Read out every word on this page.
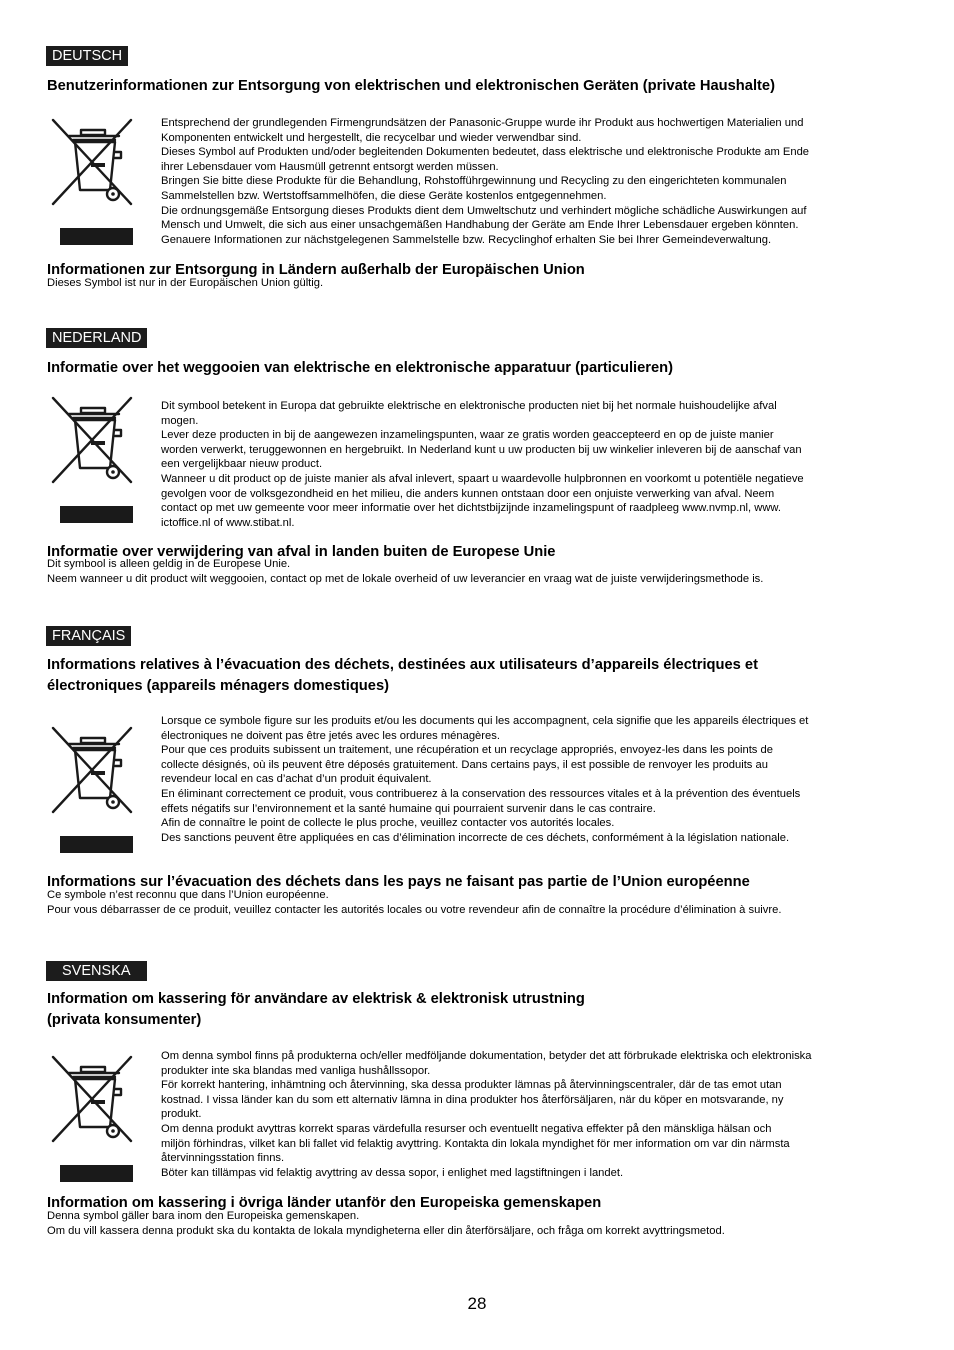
DEUTSCH
Benutzerinformationen zur Entsorgung von elektrischen und elektronischen Geräten (private Haushalte)

Entsprechend der grundlegenden Firmengrundsätzen der Panasonic-Gruppe wurde ihr Produkt aus hochwertigen Materialien und

Komponenten entwickelt und hergestellt, die recycelbar und wieder verwendbar sind.

Dieses Symbol auf Produkten und/oder begleitenden Dokumenten bedeutet, dass elektrische und elektronische Produkte am Ende

ihrer Lebensdauer vom Hausmüll getrennt entsorgt werden müssen.

Bringen Sie bitte diese Produkte für die Behandlung, Rohstofführgewinnung und Recycling zu den eingerichteten kommunalen

Sammelstellen bzw. Wertstoffsammelhöfen, die diese Geräte kostenlos entgegennehmen.

Die ordnungsgemäße Entsorgung dieses Produkts dient dem Umweltschutz und verhindert mögliche schädliche Auswirkungen auf

Mensch und Umwelt, die sich aus einer unsachgemäßen Handhabung der Geräte am Ende Ihrer Lebensdauer ergeben könnten.

Genauere Informationen zur nächstgelegenen Sammelstelle bzw. Recyclinghof erhalten Sie bei Ihrer Gemeindeverwaltung.

Informationen zur Entsorgung in Ländern außerhalb der Europäischen Union

Dieses Symbol ist nur in der Europäischen Union gültig.

NEDERLAND
Informatie over het weggooien van elektrische en elektronische apparatuur (particulieren)

Dit symbool betekent in Europa dat gebruikte elektrische en elektronische producten niet bij het normale huishoudelijke afval

mogen.

Lever deze producten in bij de aangewezen inzamelingspunten, waar ze gratis worden geaccepteerd en op de juiste manier

worden verwerkt, teruggewonnen en hergebruikt. In Nederland kunt u uw producten bij uw winkelier inleveren bij de aanschaf van

een vergelijkbaar nieuw product.

Wanneer u dit product op de juiste manier als afval inlevert, spaart u waardevolle hulpbronnen en voorkomt u potentiële negatieve

gevolgen voor de volksgezondheid en het milieu, die anders kunnen ontstaan door een onjuiste verwerking van afval. Neem

contact op met uw gemeente voor meer informatie over het dichtstbijzijnde inzamelingspunt of raadpleeg www.nvmp.nl, www.

ictoffice.nl of www.stibat.nl.

Informatie over verwijdering van afval in landen buiten de Europese Unie

Dit symbool is alleen geldig in de Europese Unie.

Neem wanneer u dit product wilt weggooien, contact op met de lokale overheid of uw leverancier en vraag wat de juiste verwijderingsmethode is.

FRANÇAIS
Informations relatives à l’évacuation des déchets, destinées aux utilisateurs d’appareils électriques et
électroniques (appareils ménagers domestiques)

Lorsque ce symbole figure sur les produits et/ou les documents qui les accompagnent, cela signifie que les appareils électriques et

électroniques ne doivent pas être jetés avec les ordures ménagères.

Pour que ces produits subissent un traitement, une récupération et un recyclage appropriés, envoyez-les dans les points de

collecte désignés, où ils peuvent être déposés gratuitement. Dans certains pays, il est possible de renvoyer les produits au

revendeur local en cas d’achat d’un produit équivalent.

En éliminant correctement ce produit, vous contribuerez à la conservation des ressources vitales et à la prévention des éventuels

effets négatifs sur l’environnement et la santé humaine qui pourraient survenir dans le cas contraire.

Afin de connaître le point de collecte le plus proche, veuillez contacter vos autorités locales.

Des sanctions peuvent être appliquées en cas d’élimination incorrecte de ces déchets, conformément à la législation nationale.

Informations sur l’évacuation des déchets dans les pays ne faisant pas partie de l’Union européenne

Ce symbole n’est reconnu que dans l’Union européenne.

Pour vous débarrasser de ce produit, veuillez contacter les autorités locales ou votre revendeur afin de connaître la procédure d’élimination à suivre.

SVENSKA
Information om kassering för användare av elektrisk & elektronisk utrustning
(privata konsumenter)

Om denna symbol finns på produkterna och/eller medföljande dokumentation, betyder det att förbrukade elektriska och elektroniska

produkter inte ska blandas med vanliga hushållssopor.

För korrekt hantering, inhämtning och återvinning, ska dessa produkter lämnas på återvinningscentraler, där de tas emot utan

kostnad. I vissa länder kan du som ett alternativ lämna in dina produkter hos återförsäljaren, när du köper en motsvarande, ny

produkt.

Om denna produkt avyttras korrekt sparas värdefulla resurser och eventuellt negativa effekter på den mänskliga hälsan och

miljön förhindras, vilket kan bli fallet vid felaktig avyttring. Kontakta din lokala myndighet för mer information om var din närmsta

återvinningsstation finns.

Böter kan tillämpas vid felaktig avyttring av dessa sopor, i enlighet med lagstiftningen i landet.

Information om kassering i övriga länder utanför den Europeiska gemenskapen

Denna symbol gäller bara inom den Europeiska gemenskapen.

Om du vill kassera denna produkt ska du kontakta de lokala myndigheterna eller din återförsäljare, och fråga om korrekt avyttringsmetod.

28
